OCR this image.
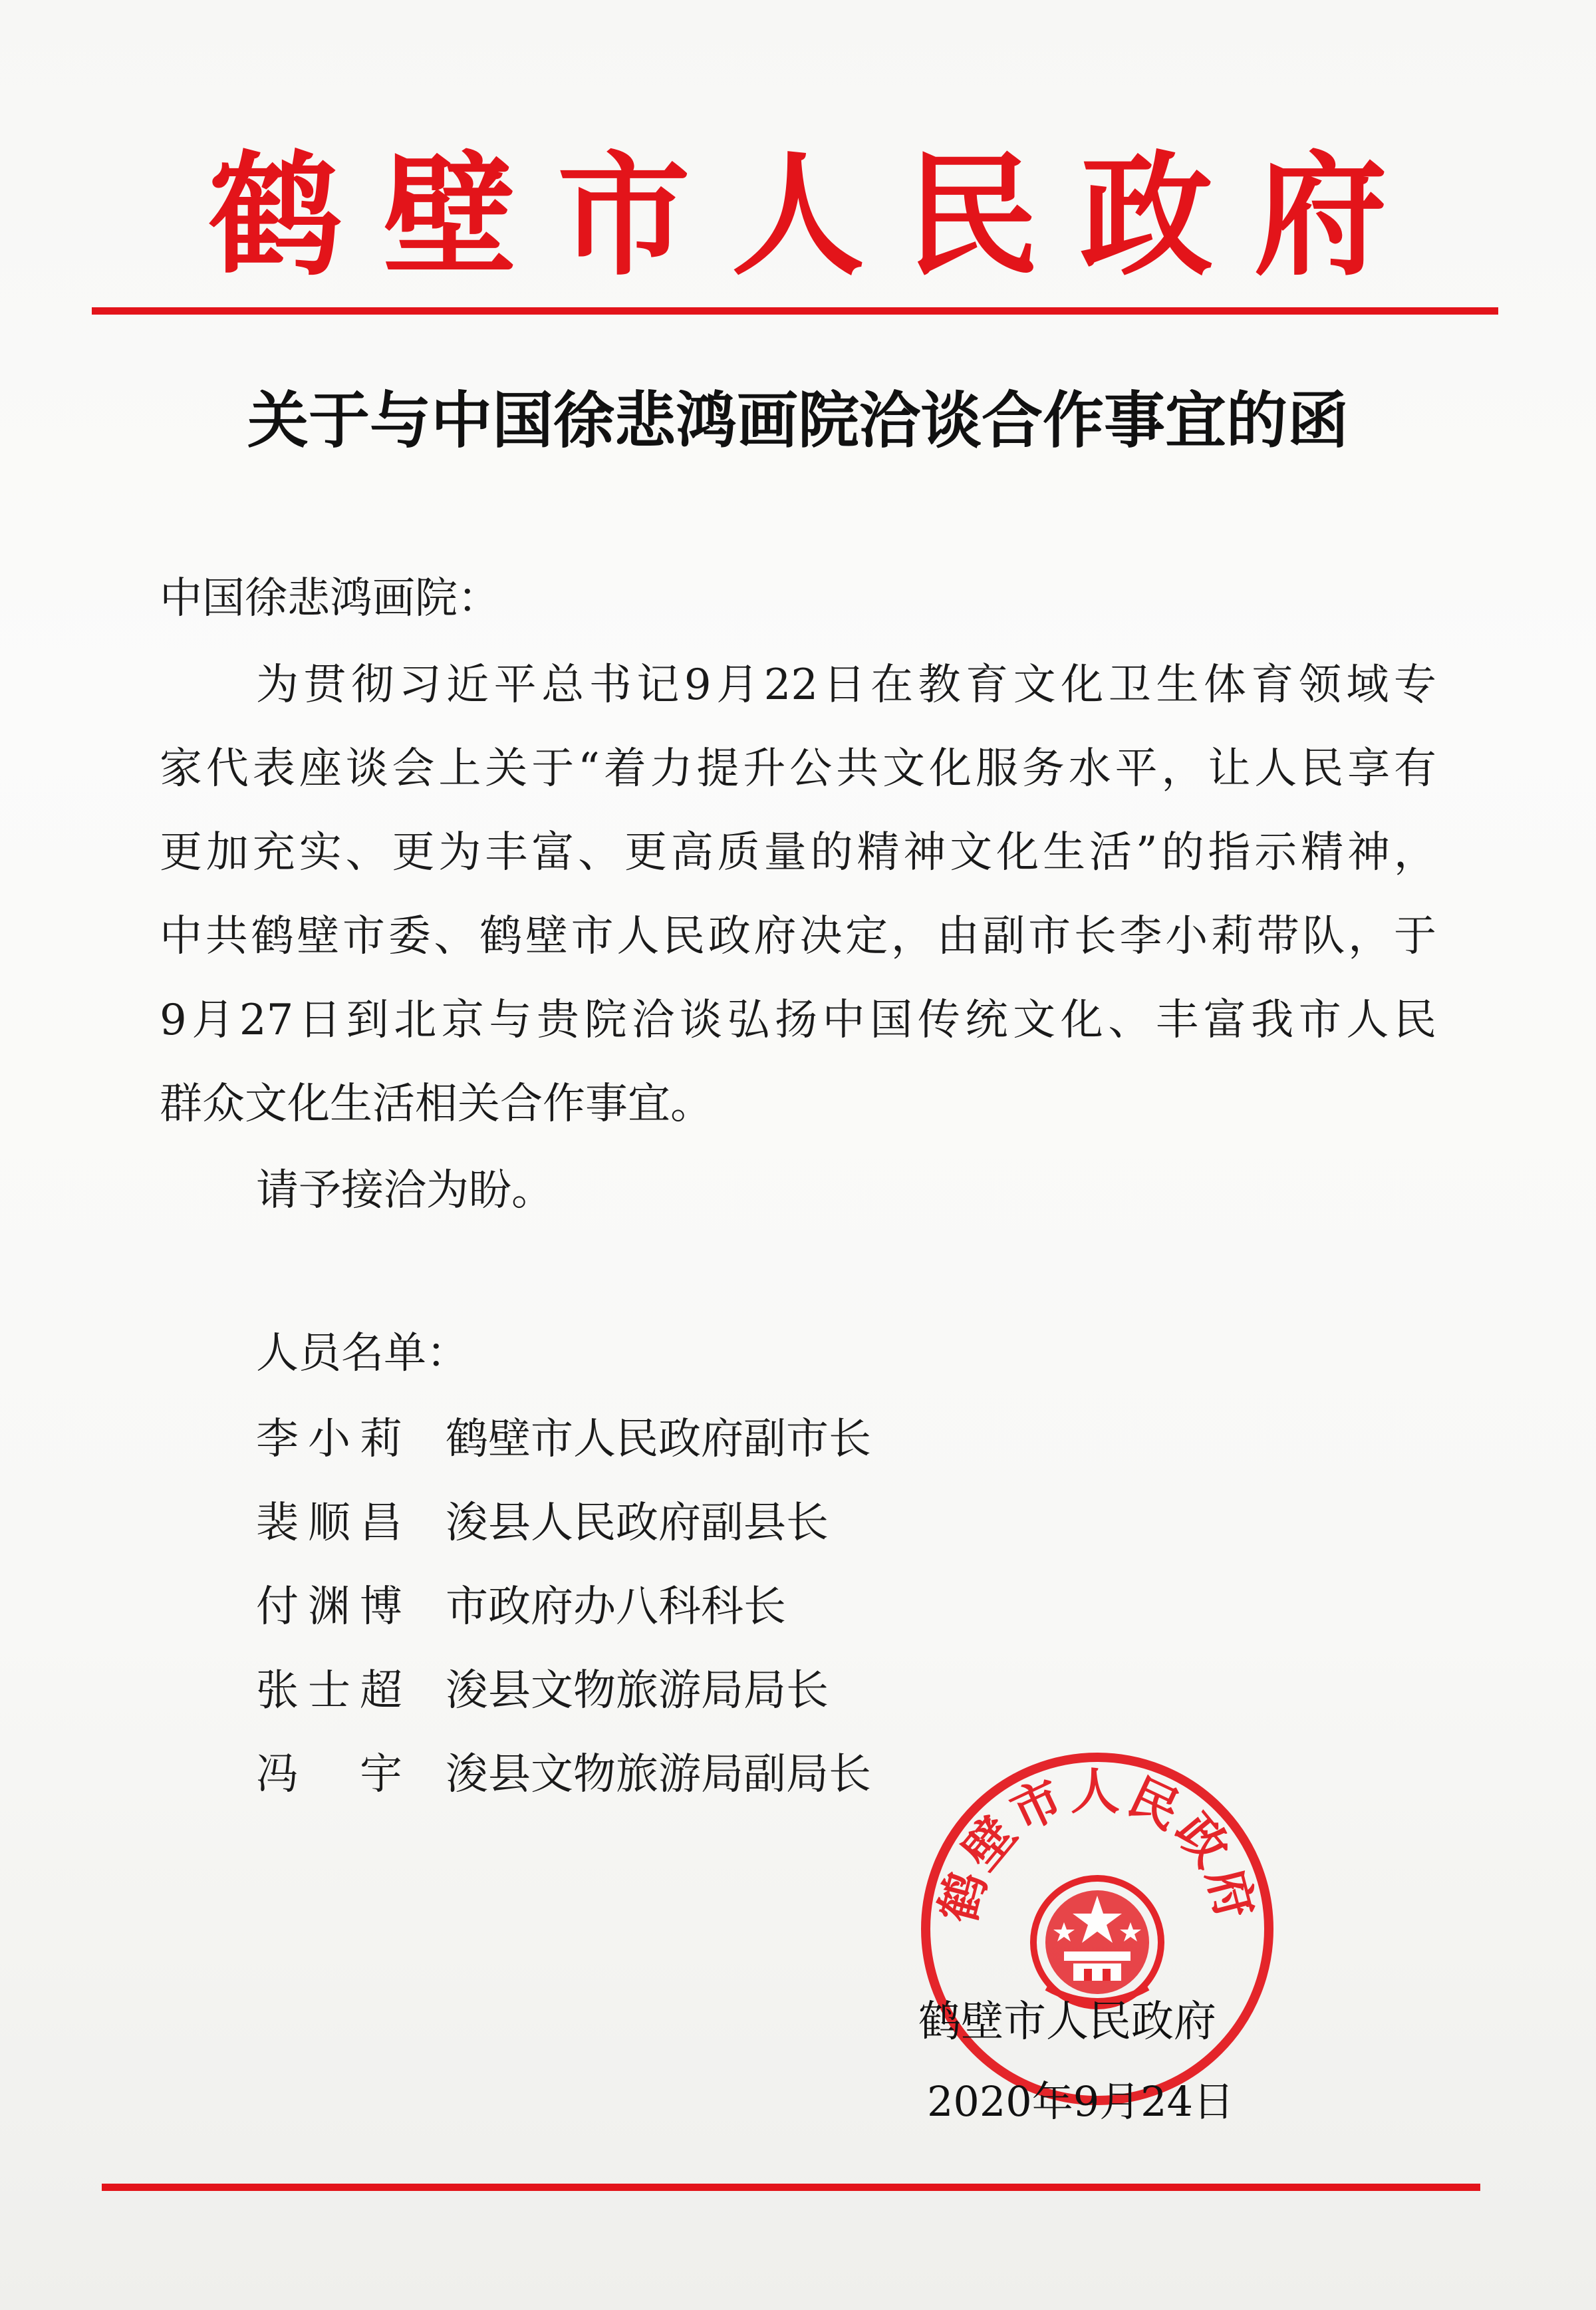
鹤壁市人民政府
关于与中国徐悲鸿画院洽谈合作事宜的函
中国徐悲鸿画院：
为贯彻习近平总书记9月22日在教育文化卫生体育领域专
家代表座谈会上关于“着力提升公共文化服务水平，让人民享有
更加充实、更为丰富、更高质量的精神文化生活”的指示精神，
中共鹤壁市委、鹤壁市人民政府决定，由副市长李小莉带队，于
9月27日到北京与贵院洽谈弘扬中国传统文化、丰富我市人民
群众文化生活相关合作事宜。
请予接洽为盼。
人员名单：
李小莉 鹤壁市人民政府副市长
裴顺昌 浚县人民政府副县长
付渊博 市政府办八科科长
张士超 浚县文物旅游局局长
冯宇 浚县文物旅游局副局长
鹤壁市人民政府
鹤壁市人民政府
2020年9月24日
